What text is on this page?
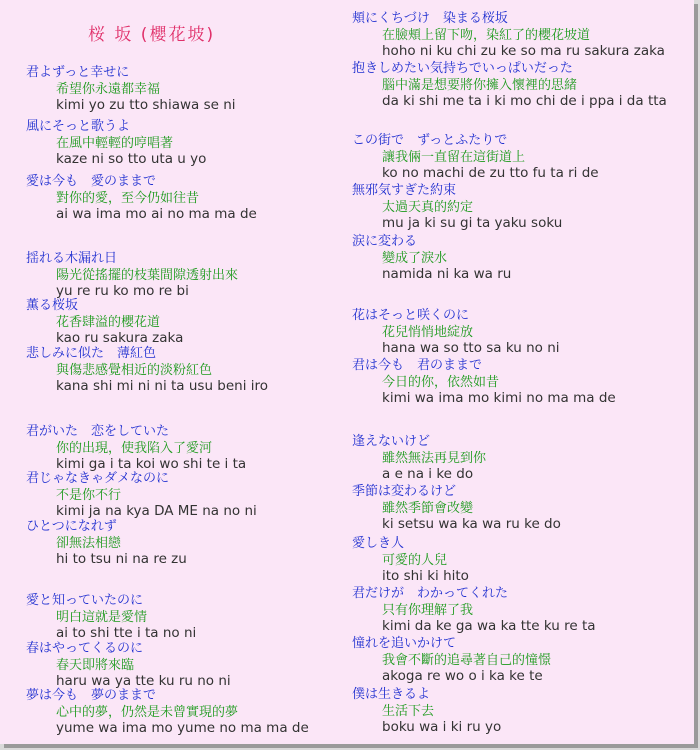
桜 坂 (櫻花坡)
君よずっと幸せに
希望你永遠都幸福
kimi yo zu tto shiawa se ni
風にそっと歌うよ
在風中輕輕的哼唱著
kaze ni so tto uta u yo
愛は今も　愛のままで
對你的愛，至今仍如往昔
ai wa ima mo ai no ma ma de
揺れる木漏れ日
陽光從搖擺的枝葉間隙透射出來
yu re ru ko mo re bi
薫る桜坂
花香肆溢的櫻花道
kao ru sakura zaka
悲しみに似た　薄紅色
與傷悲感覺相近的淡粉紅色
kana shi mi ni ni ta usu beni iro
君がいた　恋をしていた
你的出現，使我陷入了愛河
kimi ga i ta koi wo shi te i ta
君じゃなきゃダメなのに
不是你不行
kimi ja na kya DA ME na no ni
ひとつになれず
卻無法相戀
hi to tsu ni na re zu
愛と知っていたのに
明白這就是愛情
ai to shi tte i ta no ni
春はやってくるのに
春天即將來臨
haru wa ya tte ku ru no ni
夢は今も　夢のままで
心中的夢，仍然是未曾實現的夢
yume wa ima mo yume no ma ma de
頬にくちづけ　染まる桜坂
在臉頰上留下吻，染紅了的櫻花坡道
hoho ni ku chi zu ke so ma ru sakura zaka
抱きしめたい気持ちでいっぱいだった
腦中滿是想要將你擁入懷裡的思緒
da ki shi me ta i ki mo chi de i ppa i da tta
この街で　ずっとふたりで
讓我倆一直留在這街道上
ko no machi de zu tto fu ta ri de
無邪気すぎた約束
太過天真的約定
mu ja ki su gi ta yaku soku
涙に変わる
變成了淚水
namida ni ka wa ru
花はそっと咲くのに
花兒悄悄地綻放
hana wa so tto sa ku no ni
君は今も　君のままで
今日的你，依然如昔
kimi wa ima mo kimi no ma ma de
逢えないけど
雖然無法再見到你
a e na i ke do
季節は変わるけど
雖然季節會改變
ki setsu wa ka wa ru ke do
愛しき人
可愛的人兒
ito shi ki hito
君だけが　わかってくれた
只有你理解了我
kimi da ke ga wa ka tte ku re ta
憧れを追いかけて
我會不斷的追尋著自己的憧憬
akoga re wo o i ka ke te
僕は生きるよ
生活下去
boku wa i ki ru yo
